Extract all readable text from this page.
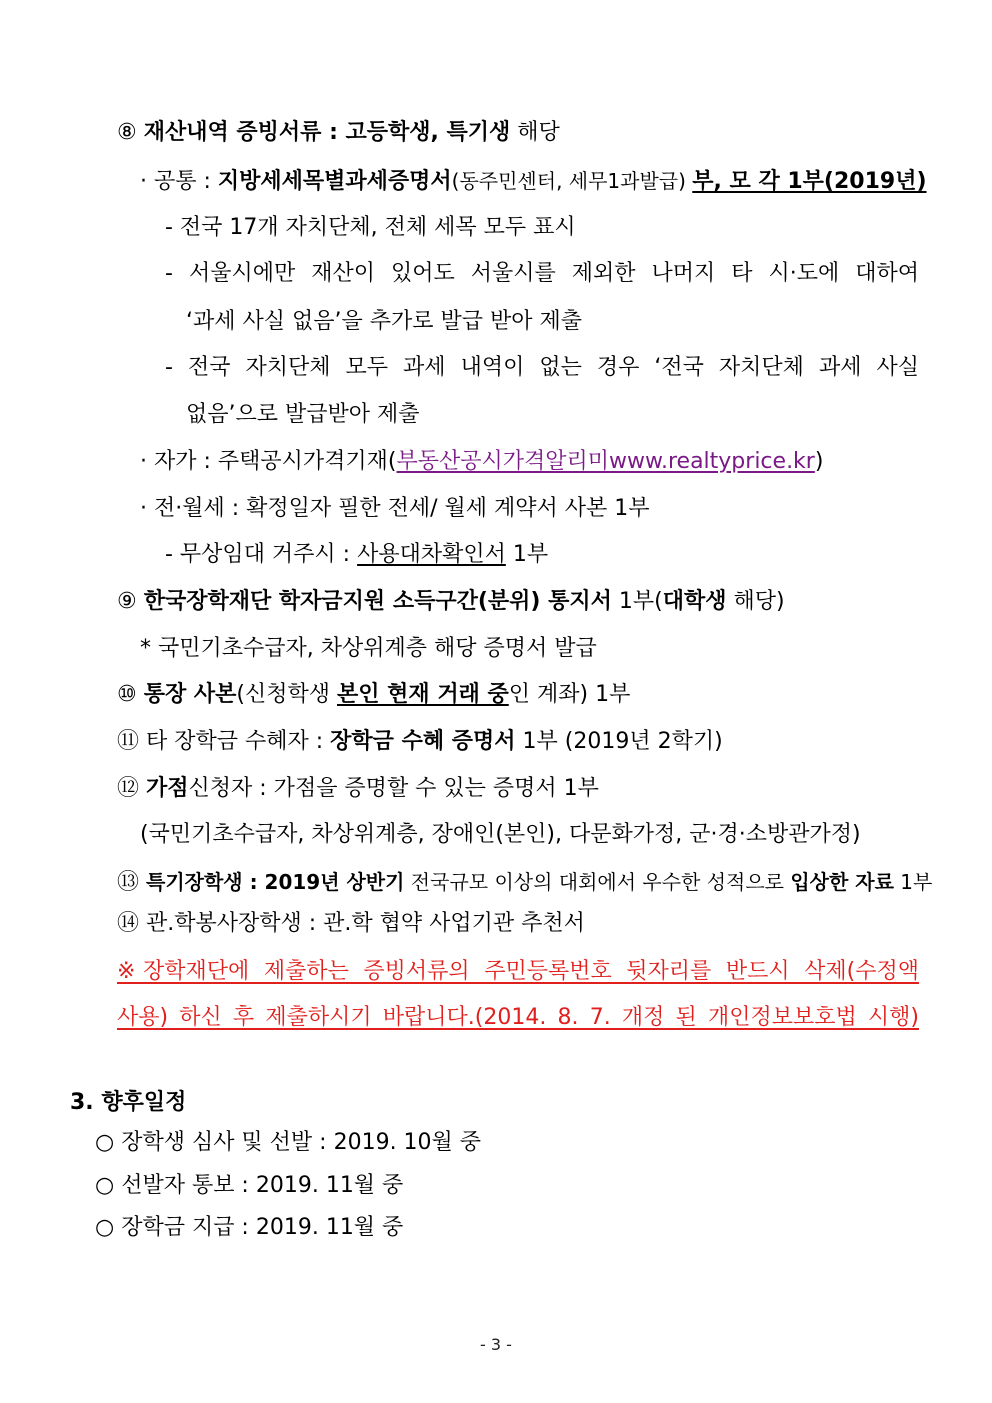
⑧ 재산내역 증빙서류 : 고등학생, 특기생 해당
· 공통 : 지방세세목별과세증명서(동주민센터, 세무1과발급) 부, 모 각 1부(2019년)
- 전국 17개 자치단체, 전체 세목 모두 표시
- 서울시에만 재산이 있어도 서울시를 제외한 나머지 타 시·도에 대하여
‘과세 사실 없음’을 추가로 발급 받아 제출
- 전국 자치단체 모두 과세 내역이 없는 경우 ‘전국 자치단체 과세 사실
없음’으로 발급받아 제출
· 자가 : 주택공시가격기재(부동산공시가격알리미www.realtyprice.kr)
· 전·월세 : 확정일자 필한 전세/ 월세 계약서 사본 1부
- 무상임대 거주시 : 사용대차확인서 1부
⑨ 한국장학재단 학자금지원 소득구간(분위) 통지서 1부(대학생 해당)
* 국민기초수급자, 차상위계층 해당 증명서 발급
⑩ 통장 사본(신청학생 본인 현재 거래 중인 계좌) 1부
⑪ 타 장학금 수혜자 : 장학금 수혜 증명서 1부 (2019년 2학기)
⑫ 가점신청자 : 가점을 증명할 수 있는 증명서 1부
(국민기초수급자, 차상위계층, 장애인(본인), 다문화가정, 군·경·소방관가정)
⑬ 특기장학생 : 2019년 상반기 전국규모 이상의 대회에서 우수한 성적으로 입상한 자료 1부
⑭ 관.학봉사장학생 : 관.학 협약 사업기관 추천서
※장학재단에 제출하는 증빙서류의 주민등록번호 뒷자리를 반드시 삭제(수정액
사용) 하신 후 제출하시기 바랍니다.(2014. 8. 7. 개정 된 개인정보보호법 시행)
3. 향후일정
○ 장학생 심사 및 선발 : 2019. 10월 중
○ 선발자 통보 : 2019. 11월 중
○ 장학금 지급 : 2019. 11월 중
- 3 -
